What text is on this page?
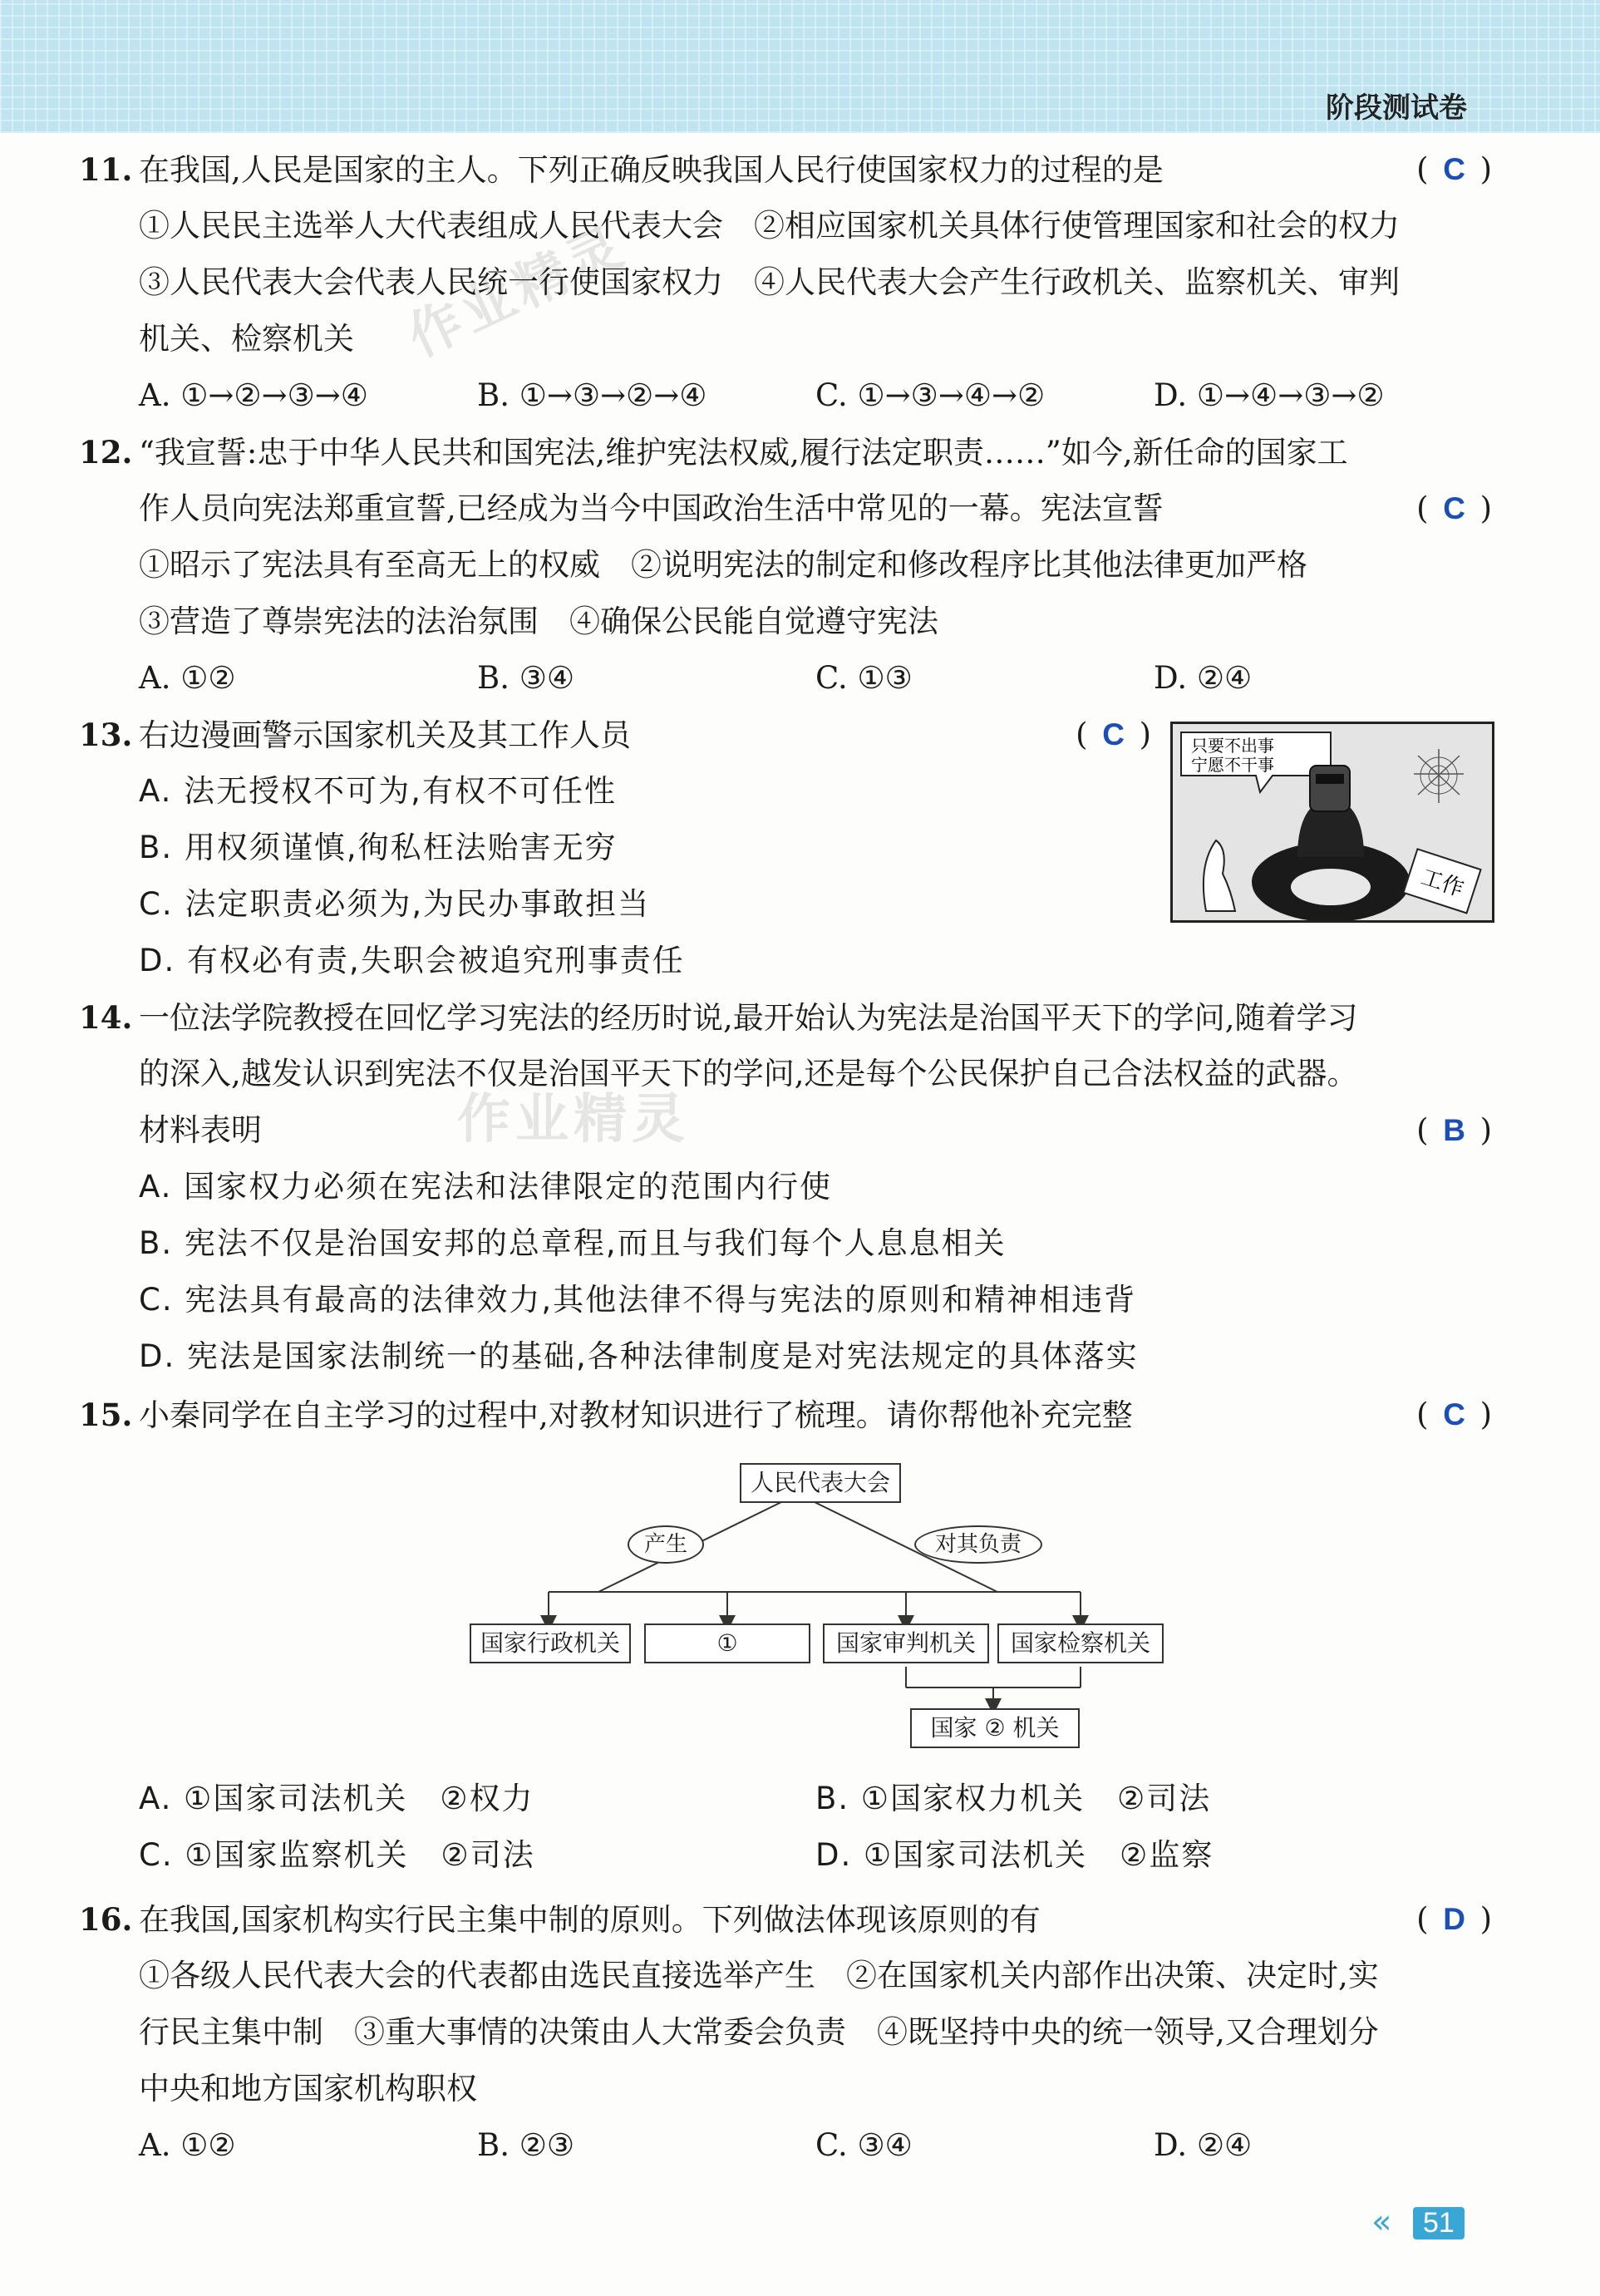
阶段测试卷
作业精灵
作业精灵
11. 在我国,人民是国家的主人。下列正确反映我国人民行使国家权力的过程的是	( C )
①人民民主选举人大代表组成人民代表大会　②相应国家机关具体行使管理国家和社会的权力
③人民代表大会代表人民统一行使国家权力　④人民代表大会产生行政机关、监察机关、审判
机关、检察机关
A. ①→②→③→④	B. ①→③→②→④	C. ①→③→④→②	D. ①→④→③→②
12. “我宣誓:忠于中华人民共和国宪法,维护宪法权威,履行法定职责……”如今,新任命的国家工
作人员向宪法郑重宣誓,已经成为当今中国政治生活中常见的一幕。宪法宣誓	( C )
①昭示了宪法具有至高无上的权威　②说明宪法的制定和修改程序比其他法律更加严格
③营造了尊崇宪法的法治氛围　④确保公民能自觉遵守宪法
A. ①②	B. ③④	C. ①③	D. ②④
13. 右边漫画警示国家机关及其工作人员	( C )
A. 法无授权不可为,有权不可任性
B. 用权须谨慎,徇私枉法贻害无穷
C. 法定职责必须为,为民办事敢担当
D. 有权必有责,失职会被追究刑事责任
只要不出事
宁愿不干事
工作
14. 一位法学院教授在回忆学习宪法的经历时说,最开始认为宪法是治国平天下的学问,随着学习
的深入,越发认识到宪法不仅是治国平天下的学问,还是每个公民保护自己合法权益的武器。
材料表明	( B )
A. 国家权力必须在宪法和法律限定的范围内行使
B. 宪法不仅是治国安邦的总章程,而且与我们每个人息息相关
C. 宪法具有最高的法律效力,其他法律不得与宪法的原则和精神相违背
D. 宪法是国家法制统一的基础,各种法律制度是对宪法规定的具体落实
15. 小秦同学在自主学习的过程中,对教材知识进行了梳理。请你帮他补充完整	( C )
人民代表大会
产生	对其负责
国家行政机关	①	国家审判机关	国家检察机关
国家 ② 机关
A. ①国家司法机关　②权力	B. ①国家权力机关　②司法
C. ①国家监察机关　②司法	D. ①国家司法机关　②监察
16. 在我国,国家机构实行民主集中制的原则。下列做法体现该原则的有	( D )
①各级人民代表大会的代表都由选民直接选举产生　②在国家机关内部作出决策、决定时,实
行民主集中制　③重大事情的决策由人大常委会负责　④既坚持中央的统一领导,又合理划分
中央和地方国家机构职权
A. ①②	B. ②③	C. ③④	D. ②④
«	51
